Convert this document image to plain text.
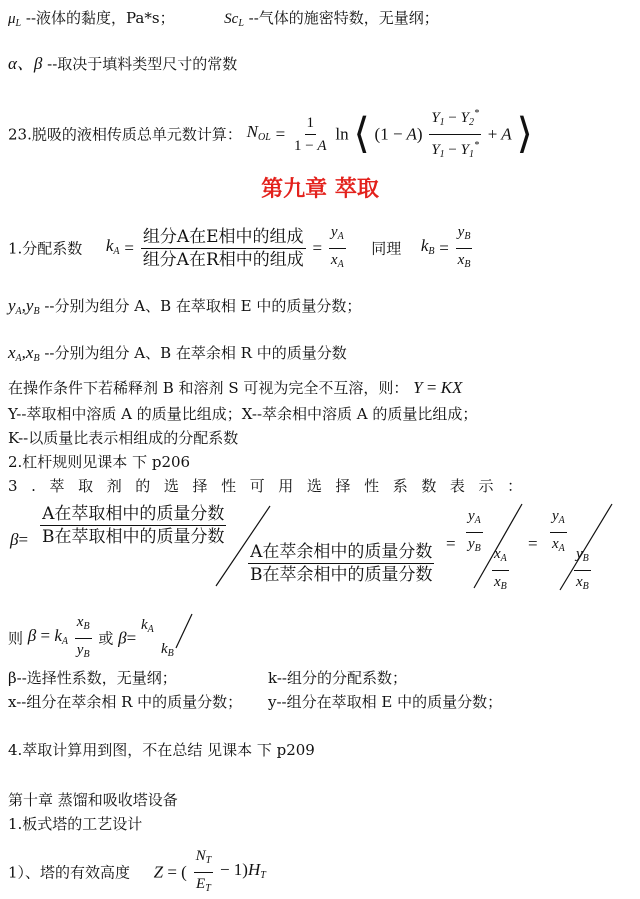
$\mu_L$ --液体的黏度，Pa*s；	$Sc_L$ --气体的施密特数，无量纲；
α、β --取决于填料类型尺寸的常数
23.脱吸的液相传质总单元数计算： $N_{OL} = \frac{1}{1 - A}$ ln ⟨ $(1 - A) \frac{Y_1 - Y_2^*}{Y_1 - Y_1^*} + A$ ⟩
第九章 萃取
1.分配系数 $k_A = \frac{\text{组分A在E相中的组成}}{\text{组分A在R相中的组成}} = \frac{y_A}{x_A}$ 同理 $k_B = \frac{y_B}{x_B}$
$y_A,y_B$ --分别为组分 A、B 在萃取相 E 中的质量分数；
$x_A,x_B$ --分别为组分 A、B 在萃余相 R 中的质量分数
在操作条件下若稀释剂 B 和溶剂 S 可视为完全不互溶，则： Y = KX
Y--萃取相中溶质 A 的质量比组成；X--萃余相中溶质 A 的质量比组成；
K--以质量比表示相组成的分配系数
2.杠杆规则见课本 下 p206
3.萃取剂的选择性可用选择性系数表示：
β=
A在萃取相中的质量分数
B在萃取相中的质量分数
A在萃余相中的质量分数
B在萃余相中的质量分数
= $\frac{y_A}{y_B}$
$\frac{x_A}{x_B}$
= $\frac{y_A}{x_A}$
$\frac{y_B}{x_B}$
则 $\beta = k_A \frac{x_B}{y_B}$ 或 β=
$k_A$
$k_B$
β--选择性系数，无量纲；	k--组分的分配系数；
x--组分在萃余相 R 中的质量分数； y--组分在萃取相 E 中的质量分数；
4.萃取计算用到图，不在总结 见课本 下 p209
第十章 蒸馏和吸收塔设备
1.板式塔的工艺设计
1）、塔的有效高度 Z = ( $\frac{N_T}{E_T} - 1)H_T$
